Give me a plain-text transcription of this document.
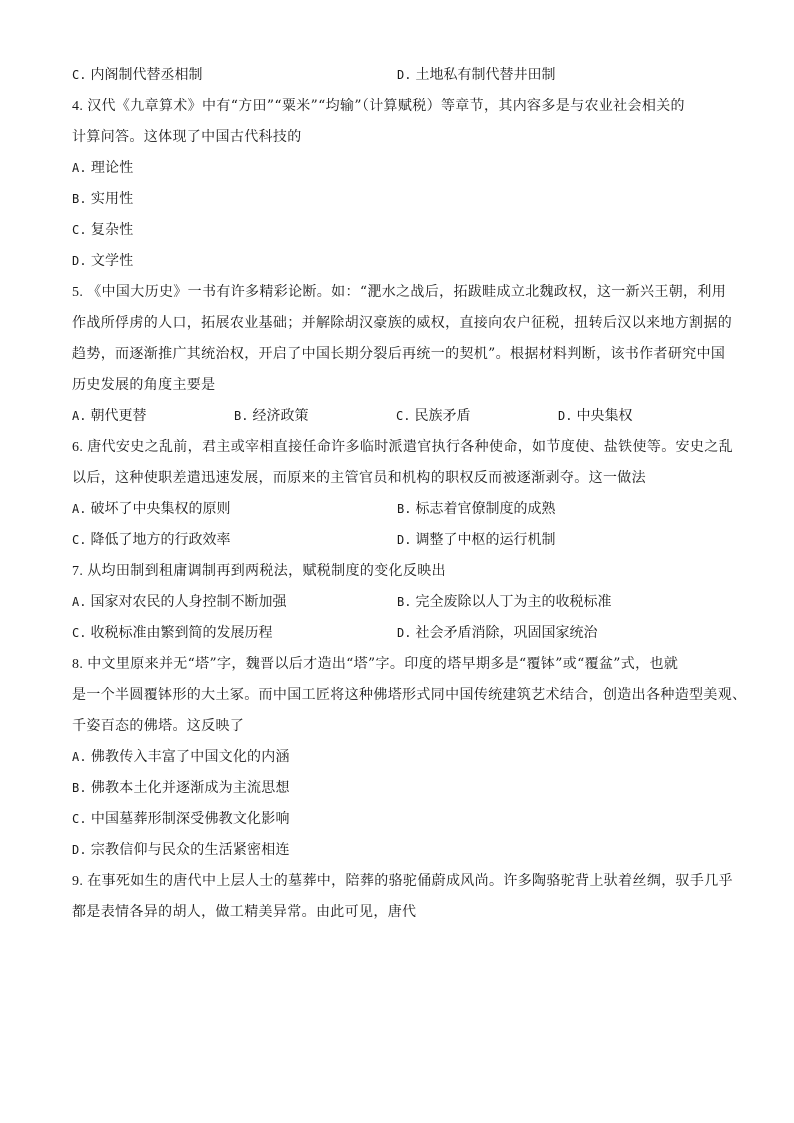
C. 内阁制代替丞相制	D. 土地私有制代替井田制
4. 汉代《九章算术》中有“方田”“粟米”“均输”（计算赋税）等章节，其内容多是与农业社会相关的
计算问答。这体现了中国古代科技的
A. 理论性
B. 实用性
C. 复杂性
D. 文学性
5. 《中国大历史》一书有许多精彩论断。如：“淝水之战后，拓跋畦成立北魏政权，这一新兴王朝，利用
作战所俘虏的人口，拓展农业基础；并解除胡汉豪族的威权，直接向农户征税，扭转后汉以来地方割据的
趋势，而逐渐推广其统治权，开启了中国长期分裂后再统一的契机”。根据材料判断，该书作者研究中国
历史发展的角度主要是
A. 朝代更替	B. 经济政策	C. 民族矛盾	D. 中央集权
6. 唐代安史之乱前，君主或宰相直接任命许多临时派遣官执行各种使命，如节度使、盐铁使等。安史之乱
以后，这种使职差遣迅速发展，而原来的主管官员和机构的职权反而被逐渐剥夺。这一做法
A. 破坏了中央集权的原则	B. 标志着官僚制度的成熟
C. 降低了地方的行政效率	D. 调整了中枢的运行机制
7. 从均田制到租庸调制再到两税法，赋税制度的变化反映出
A. 国家对农民的人身控制不断加强	B. 完全废除以人丁为主的收税标准
C. 收税标准由繁到简的发展历程	D. 社会矛盾消除，巩固国家统治
8. 中文里原来并无“塔”字，魏晋以后才造出“塔”字。印度的塔早期多是“覆钵”或“覆盆”式，也就
是一个半圆覆钵形的大土冢。而中国工匠将这种佛塔形式同中国传统建筑艺术结合，创造出各种造型美观、
千姿百态的佛塔。这反映了
A. 佛教传入丰富了中国文化的内涵
B. 佛教本土化并逐渐成为主流思想
C. 中国墓葬形制深受佛教文化影响
D. 宗教信仰与民众的生活紧密相连
9. 在事死如生的唐代中上层人士的墓葬中，陪葬的骆驼俑蔚成风尚。许多陶骆驼背上驮着丝绸，驭手几乎
都是表情各异的胡人，做工精美异常。由此可见，唐代
